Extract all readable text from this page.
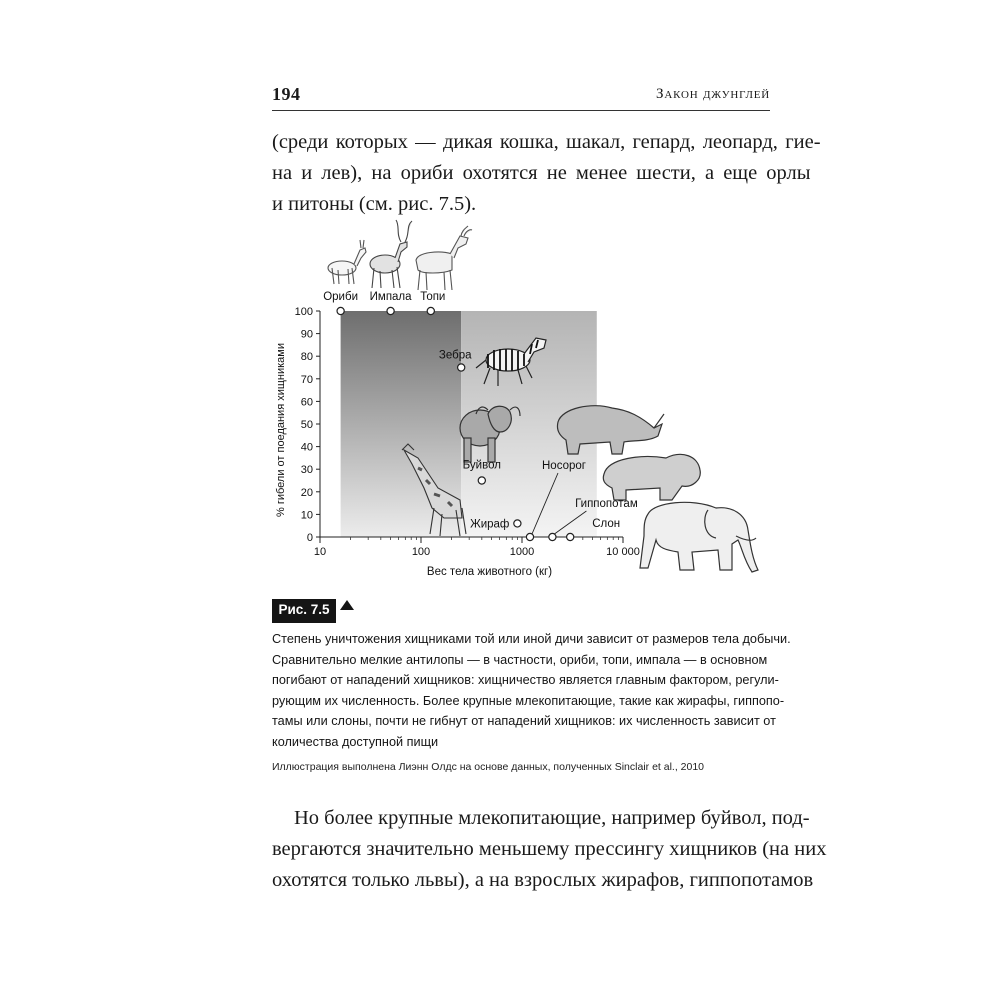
194	Закон джунглей
(среди которых — дикая кошка, шакал, гепард, леопард, гие-
на и лев), на ориби охотятся не менее шести, а еще орлы
и питоны (см. рис. 7.5).
0
10
20
30
40
50
60
70
80
90
100
10	100	1000	10 000
Вес тела животного (кг)
% гибели от поедания хищниками
Ориби Импала Топи
Зебра
Буйвол
Жираф
Носорог
Гиппопотам
Слон
Рис. 7.5
Степень уничтожения хищниками той или иной дичи зависит от размеров тела добычи.
Сравнительно мелкие антилопы — в частности, ориби, топи, импала — в основном
погибают от нападений хищников: хищничество является главным фактором, регули-
рующим их численность. Более крупные млекопитающие, такие как жирафы, гиппопо-
тамы или слоны, почти не гибнут от нападений хищников: их численность зависит от
количества доступной пищи
Иллюстрация выполнена Лиэнн Олдс на основе данных, полученных Sinclair et al., 2010
Но более крупные млекопитающие, например буйвол, под-
вергаются значительно меньшему прессингу хищников (на них
охотятся только львы), а на взрослых жирафов, гиппопотамов
